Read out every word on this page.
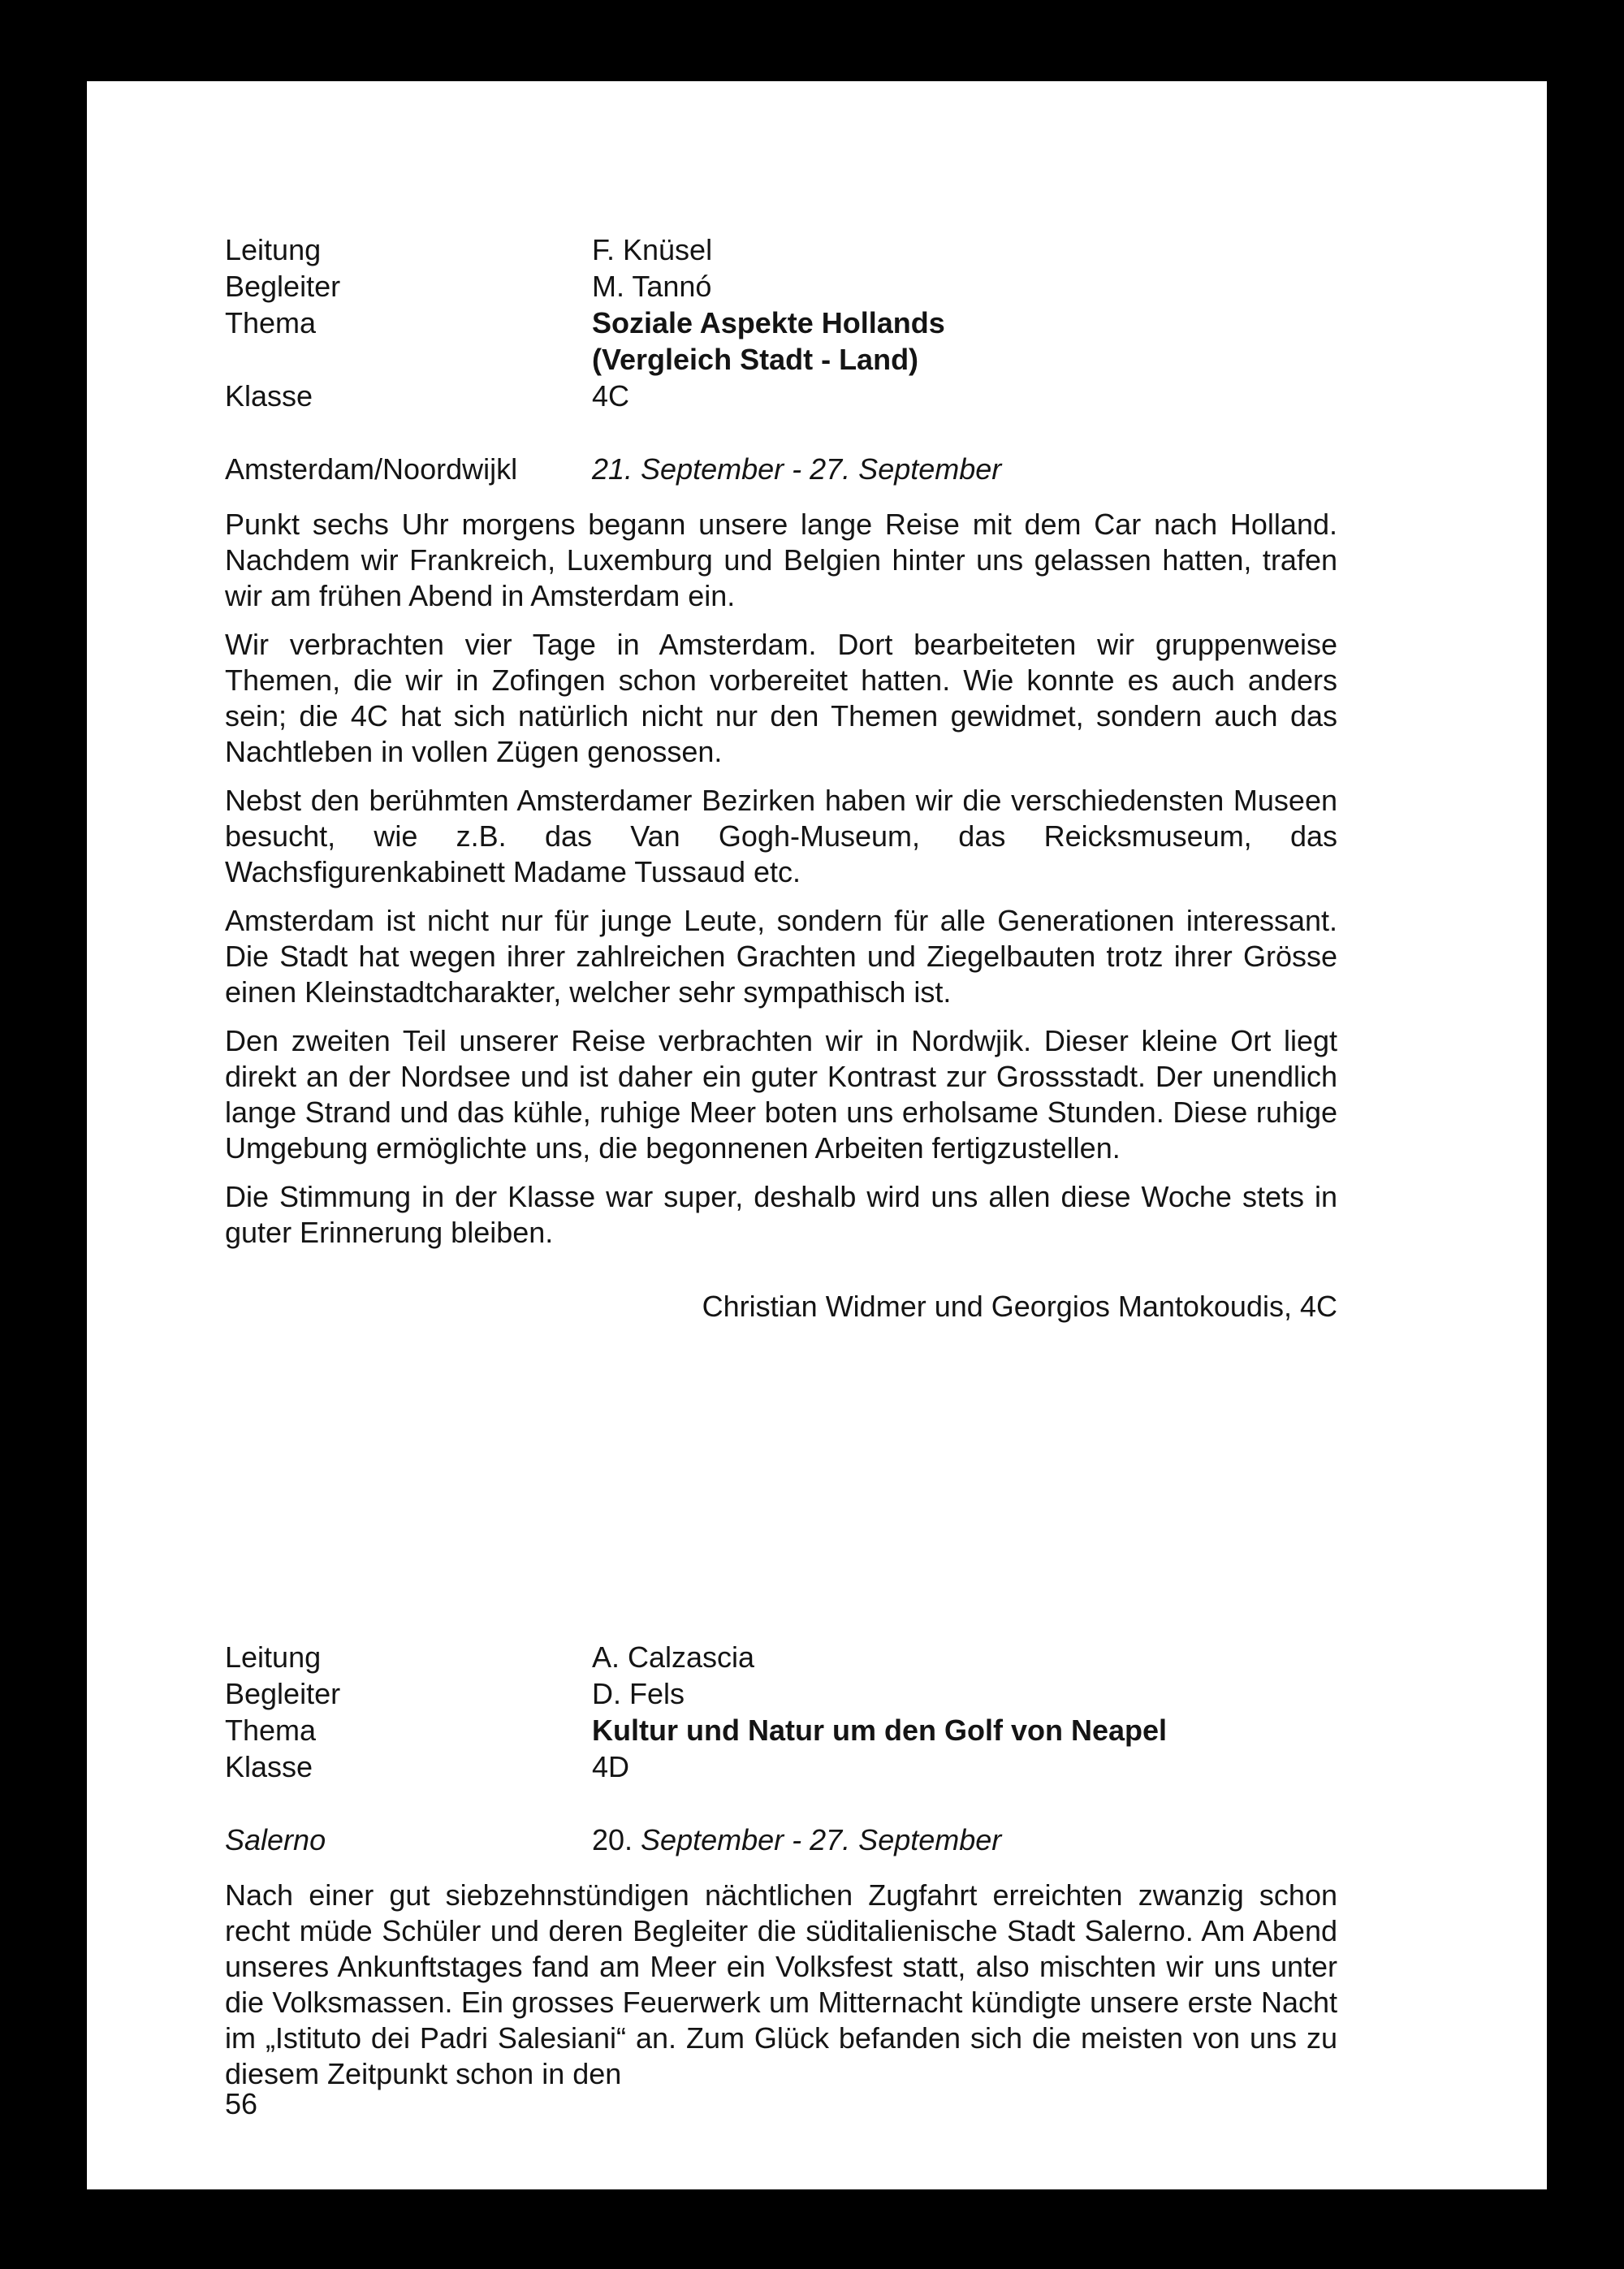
Leitung	F. Knüsel
Begleiter	M. Tannó
Thema	Soziale Aspekte Hollands
(Vergleich Stadt - Land)
Klasse	4C
Amsterdam/Noordwijkl	21. September - 27. September

Punkt sechs Uhr morgens begann unsere lange Reise mit dem Car nach Holland. Nachdem wir Frankreich, Luxemburg und Belgien hinter uns gelassen hatten, trafen wir am frühen Abend in Amsterdam ein.

Wir verbrachten vier Tage in Amsterdam. Dort bearbeiteten wir gruppenweise Themen, die wir in Zofingen schon vorbereitet hatten. Wie konnte es auch anders sein; die 4C hat sich natürlich nicht nur den Themen gewidmet, sondern auch das Nachtleben in vollen Zügen genossen.

Nebst den berühmten Amsterdamer Bezirken haben wir die verschiedensten Museen besucht, wie z.B. das Van Gogh-Museum, das Reicksmuseum, das Wachsfigurenkabinett Madame Tussaud etc.

Amsterdam ist nicht nur für junge Leute, sondern für alle Generationen interessant. Die Stadt hat wegen ihrer zahlreichen Grachten und Ziegelbauten trotz ihrer Grösse einen Kleinstadtcharakter, welcher sehr sympathisch ist.

Den zweiten Teil unserer Reise verbrachten wir in Nordwjik. Dieser kleine Ort liegt direkt an der Nordsee und ist daher ein guter Kontrast zur Grossstadt. Der unendlich lange Strand und das kühle, ruhige Meer boten uns erholsame Stunden. Diese ruhige Umgebung ermöglichte uns, die begonnenen Arbeiten fertigzustellen.

Die Stimmung in der Klasse war super, deshalb wird uns allen diese Woche stets in guter Erinnerung bleiben.

Christian Widmer und Georgios Mantokoudis, 4C
Leitung	A. Calzascia
Begleiter	D. Fels
Thema	Kultur und Natur um den Golf von Neapel
Klasse	4D
Salerno	20. September - 27. September

Nach einer gut siebzehnstündigen nächtlichen Zugfahrt erreichten zwanzig schon recht müde Schüler und deren Begleiter die süditalienische Stadt Salerno. Am Abend unseres Ankunftstages fand am Meer ein Volksfest statt, also mischten wir uns unter die Volksmassen. Ein grosses Feuerwerk um Mitternacht kündigte unsere erste Nacht im „Istituto dei Padri Salesiani“ an. Zum Glück befanden sich die meisten von uns zu diesem Zeitpunkt schon in den

56
